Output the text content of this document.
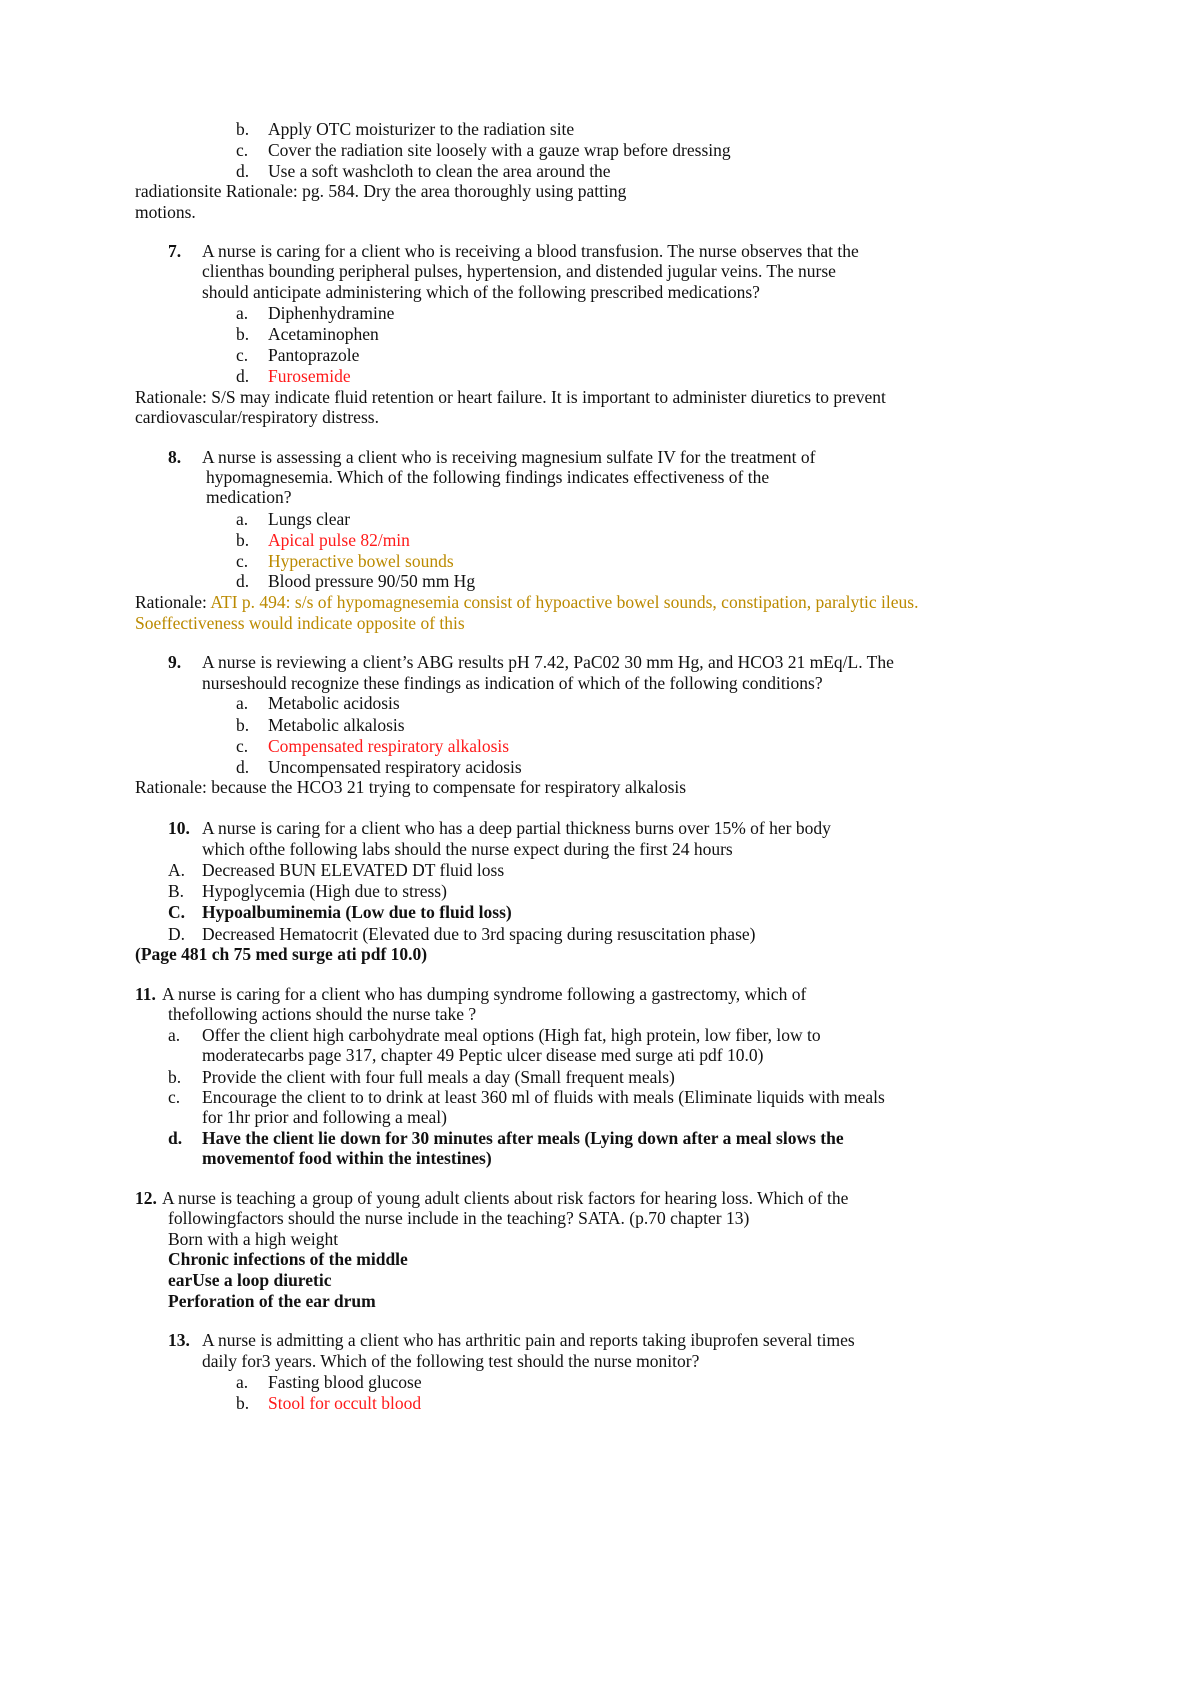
b. Apply OTC moisturizer to the radiation site
c. Cover the radiation site loosely with a gauze wrap before dressing
d. Use a soft washcloth to clean the area around the
radiationsite Rationale: pg. 584. Dry the area thoroughly using patting
motions.
7. A nurse is caring for a client who is receiving a blood transfusion. The nurse observes that the
clienthas bounding peripheral pulses, hypertension, and distended jugular veins. The nurse
should anticipate administering which of the following prescribed medications?
a. Diphenhydramine
b. Acetaminophen
c. Pantoprazole
d. Furosemide
Rationale: S/S may indicate fluid retention or heart failure. It is important to administer diuretics to prevent
cardiovascular/respiratory distress.
8. A nurse is assessing a client who is receiving magnesium sulfate IV for the treatment of
hypomagnesemia. Which of the following findings indicates effectiveness of the
medication?
a. Lungs clear
b. Apical pulse 82/min
c. Hyperactive bowel sounds
d. Blood pressure 90/50 mm Hg
Rationale: ATI p. 494: s/s of hypomagnesemia consist of hypoactive bowel sounds, constipation, paralytic ileus.
Soeffectiveness would indicate opposite of this
9. A nurse is reviewing a client’s ABG results pH 7.42, PaC02 30 mm Hg, and HCO3 21 mEq/L. The
nurseshould recognize these findings as indication of which of the following conditions?
a. Metabolic acidosis
b. Metabolic alkalosis
c. Compensated respiratory alkalosis
d. Uncompensated respiratory acidosis
Rationale: because the HCO3 21 trying to compensate for respiratory alkalosis
10. A nurse is caring for a client who has a deep partial thickness burns over 15% of her body
which ofthe following labs should the nurse expect during the first 24 hours
A. Decreased BUN ELEVATED DT fluid loss
B. Hypoglycemia (High due to stress)
C. Hypoalbuminemia (Low due to fluid loss)
D. Decreased Hematocrit (Elevated due to 3rd spacing during resuscitation phase)
(Page 481 ch 75 med surge ati pdf 10.0)
11. A nurse is caring for a client who has dumping syndrome following a gastrectomy, which of
thefollowing actions should the nurse take ?
a. Offer the client high carbohydrate meal options (High fat, high protein, low fiber, low to
moderatecarbs page 317, chapter 49 Peptic ulcer disease med surge ati pdf 10.0)
b. Provide the client with four full meals a day (Small frequent meals)
c. Encourage the client to to drink at least 360 ml of fluids with meals (Eliminate liquids with meals
for 1hr prior and following a meal)
d. Have the client lie down for 30 minutes after meals (Lying down after a meal slows the
movementof food within the intestines)
12. A nurse is teaching a group of young adult clients about risk factors for hearing loss. Which of the
followingfactors should the nurse include in the teaching? SATA. (p.70 chapter 13)
Born with a high weight
Chronic infections of the middle
earUse a loop diuretic
Perforation of the ear drum
13. A nurse is admitting a client who has arthritic pain and reports taking ibuprofen several times
daily for3 years. Which of the following test should the nurse monitor?
a. Fasting blood glucose
b. Stool for occult blood
